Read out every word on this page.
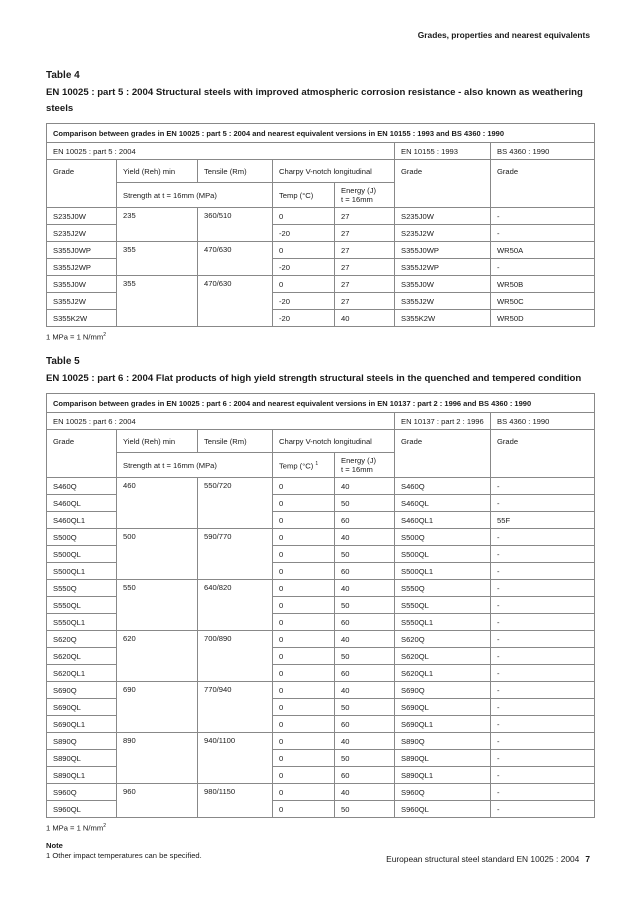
Grades, properties and nearest equivalents
Table 4
EN 10025 : part 5 : 2004 Structural steels with improved atmospheric corrosion resistance - also known as weathering steels
Comparison between grades in EN 10025 : part 5 : 2004 and nearest equivalent versions in EN 10155 : 1993 and BS 4360 : 1990						
EN 10025 : part 5 : 2004					EN 10155 : 1993	BS 4360 : 1990
Grade	Yield (Reh) min	Tensile (Rm)	Charpy V-notch longitudinal		Grade	Grade
	Strength at t = 16mm (MPa)		Temp (°C)	Energy (J)
t = 16mm		
S235J0W	235	360/510	0	27	S235J0W	-
S235J2W			-20	27	S235J2W	-
S355J0WP	355	470/630	0	27	S355J0WP	WR50A
S355J2WP			-20	27	S355J2WP	-
S355J0W	355	470/630	0	27	S355J0W	WR50B
S355J2W			-20	27	S355J2W	WR50C
S355K2W			-20	40	S355K2W	WR50D
1 MPa = 1 $N/mm^2$
Table 5
EN 10025 : part 6 : 2004 Flat products of high yield strength structural steels in the quenched and tempered condition
Comparison between grades in EN 10025 : part 6 : 2004 and nearest equivalent versions in EN 10137 : part 2 : 1996 and BS 4360 : 1990						
EN 10025 : part 6 : 2004					EN 10137 : part 2 : 1996	BS 4360 : 1990
Grade	Yield (Reh) min	Tensile (Rm)	Charpy V-notch longitudinal		Grade	Grade
	Strength at t = 16mm (MPa)		Temp (°C) $^1$	Energy (J)
t = 16mm		
S460Q	460	550/720	0	40	S460Q	-
S460QL			0	50	S460QL	-
S460QL1			0	60	S460QL1	55F
S500Q	500	590/770	0	40	S500Q	-
S500QL			0	50	S500QL	-
S500QL1			0	60	S500QL1	-
S550Q	550	640/820	0	40	S550Q	-
S550QL			0	50	S550QL	-
S550QL1			0	60	S550QL1	-
S620Q	620	700/890	0	40	S620Q	-
S620QL			0	50	S620QL	-
S620QL1			0	60	S620QL1	-
S690Q	690	770/940	0	40	S690Q	-
S690QL			0	50	S690QL	-
S690QL1			0	60	S690QL1	-
S890Q	890	940/1100	0	40	S890Q	-
S890QL			0	50	S890QL	-
S890QL1			0	60	S890QL1	-
S960Q	960	980/1150	0	40	S960Q	-
S960QL			0	50	S960QL	-
1 MPa = 1 $N/mm^2$
Note
1 Other impact temperatures can be specified.	European structural steel standard EN 10025 : 2004 7
